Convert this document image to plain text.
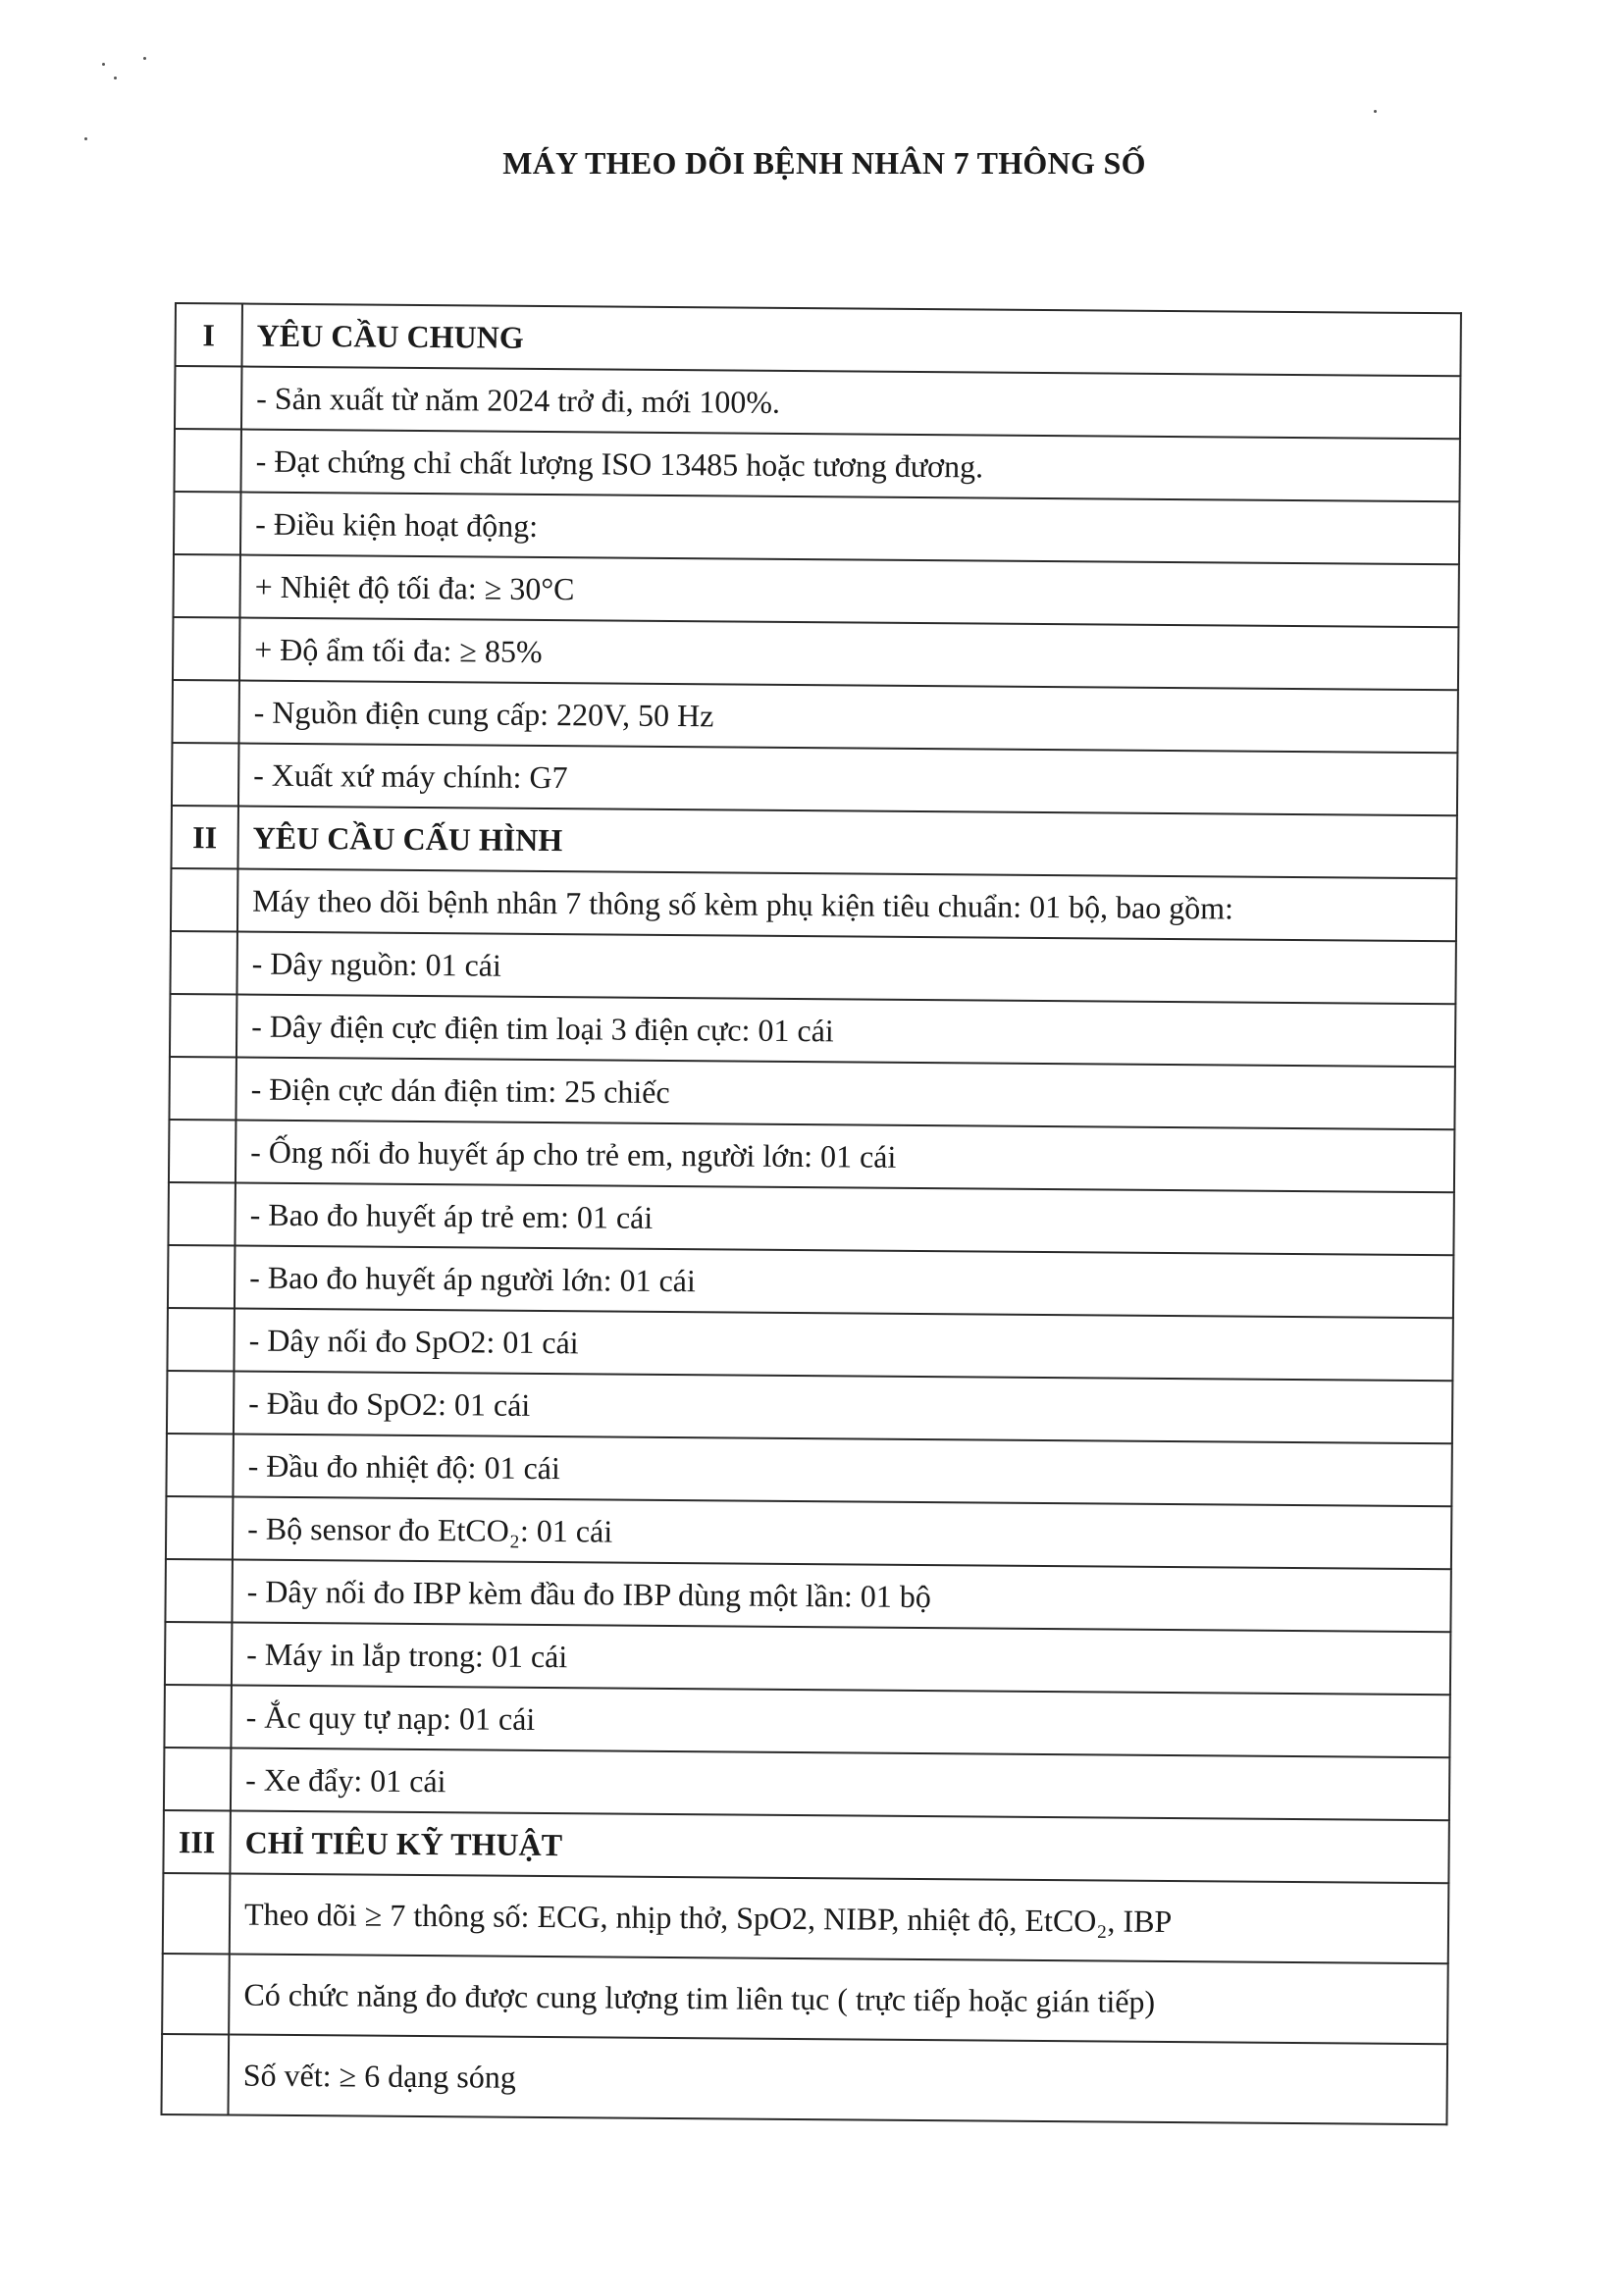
MÁY THEO DÕI BỆNH NHÂN 7 THÔNG SỐ
I	YÊU CẦU CHUNG
	- Sản xuất từ năm 2024 trở đi, mới 100%.
	- Đạt chứng chỉ chất lượng ISO 13485 hoặc tương đương.
	- Điều kiện hoạt động:
	+ Nhiệt độ tối đa: ≥ 30°C
	+ Độ ẩm tối đa: ≥ 85%
	- Nguồn điện cung cấp: 220V, 50 Hz
	- Xuất xứ máy chính: G7
II	YÊU CẦU CẤU HÌNH
	Máy theo dõi bệnh nhân 7 thông số kèm phụ kiện tiêu chuẩn: 01 bộ, bao gồm:
	- Dây nguồn: 01 cái
	- Dây điện cực điện tim loại 3 điện cực: 01 cái
	- Điện cực dán điện tim: 25 chiếc
	- Ống nối đo huyết áp cho trẻ em, người lớn: 01 cái
	- Bao đo huyết áp trẻ em: 01 cái
	- Bao đo huyết áp người lớn: 01 cái
	- Dây nối đo SpO2: 01 cái
	- Đầu đo SpO2: 01 cái
	- Đầu đo nhiệt độ: 01 cái
	- Bộ sensor đo EtCO₂: 01 cái
	- Dây nối đo IBP kèm đầu đo IBP dùng một lần: 01 bộ
	- Máy in lắp trong: 01 cái
	- Ắc quy tự nạp: 01 cái
	- Xe đẩy: 01 cái
III	CHỈ TIÊU KỸ THUẬT
	Theo dõi ≥ 7 thông số: ECG, nhịp thở, SpO2, NIBP, nhiệt độ, EtCO₂, IBP
	Có chức năng đo được cung lượng tim liên tục ( trực tiếp hoặc gián tiếp)
	Số vết: ≥ 6 dạng sóng
